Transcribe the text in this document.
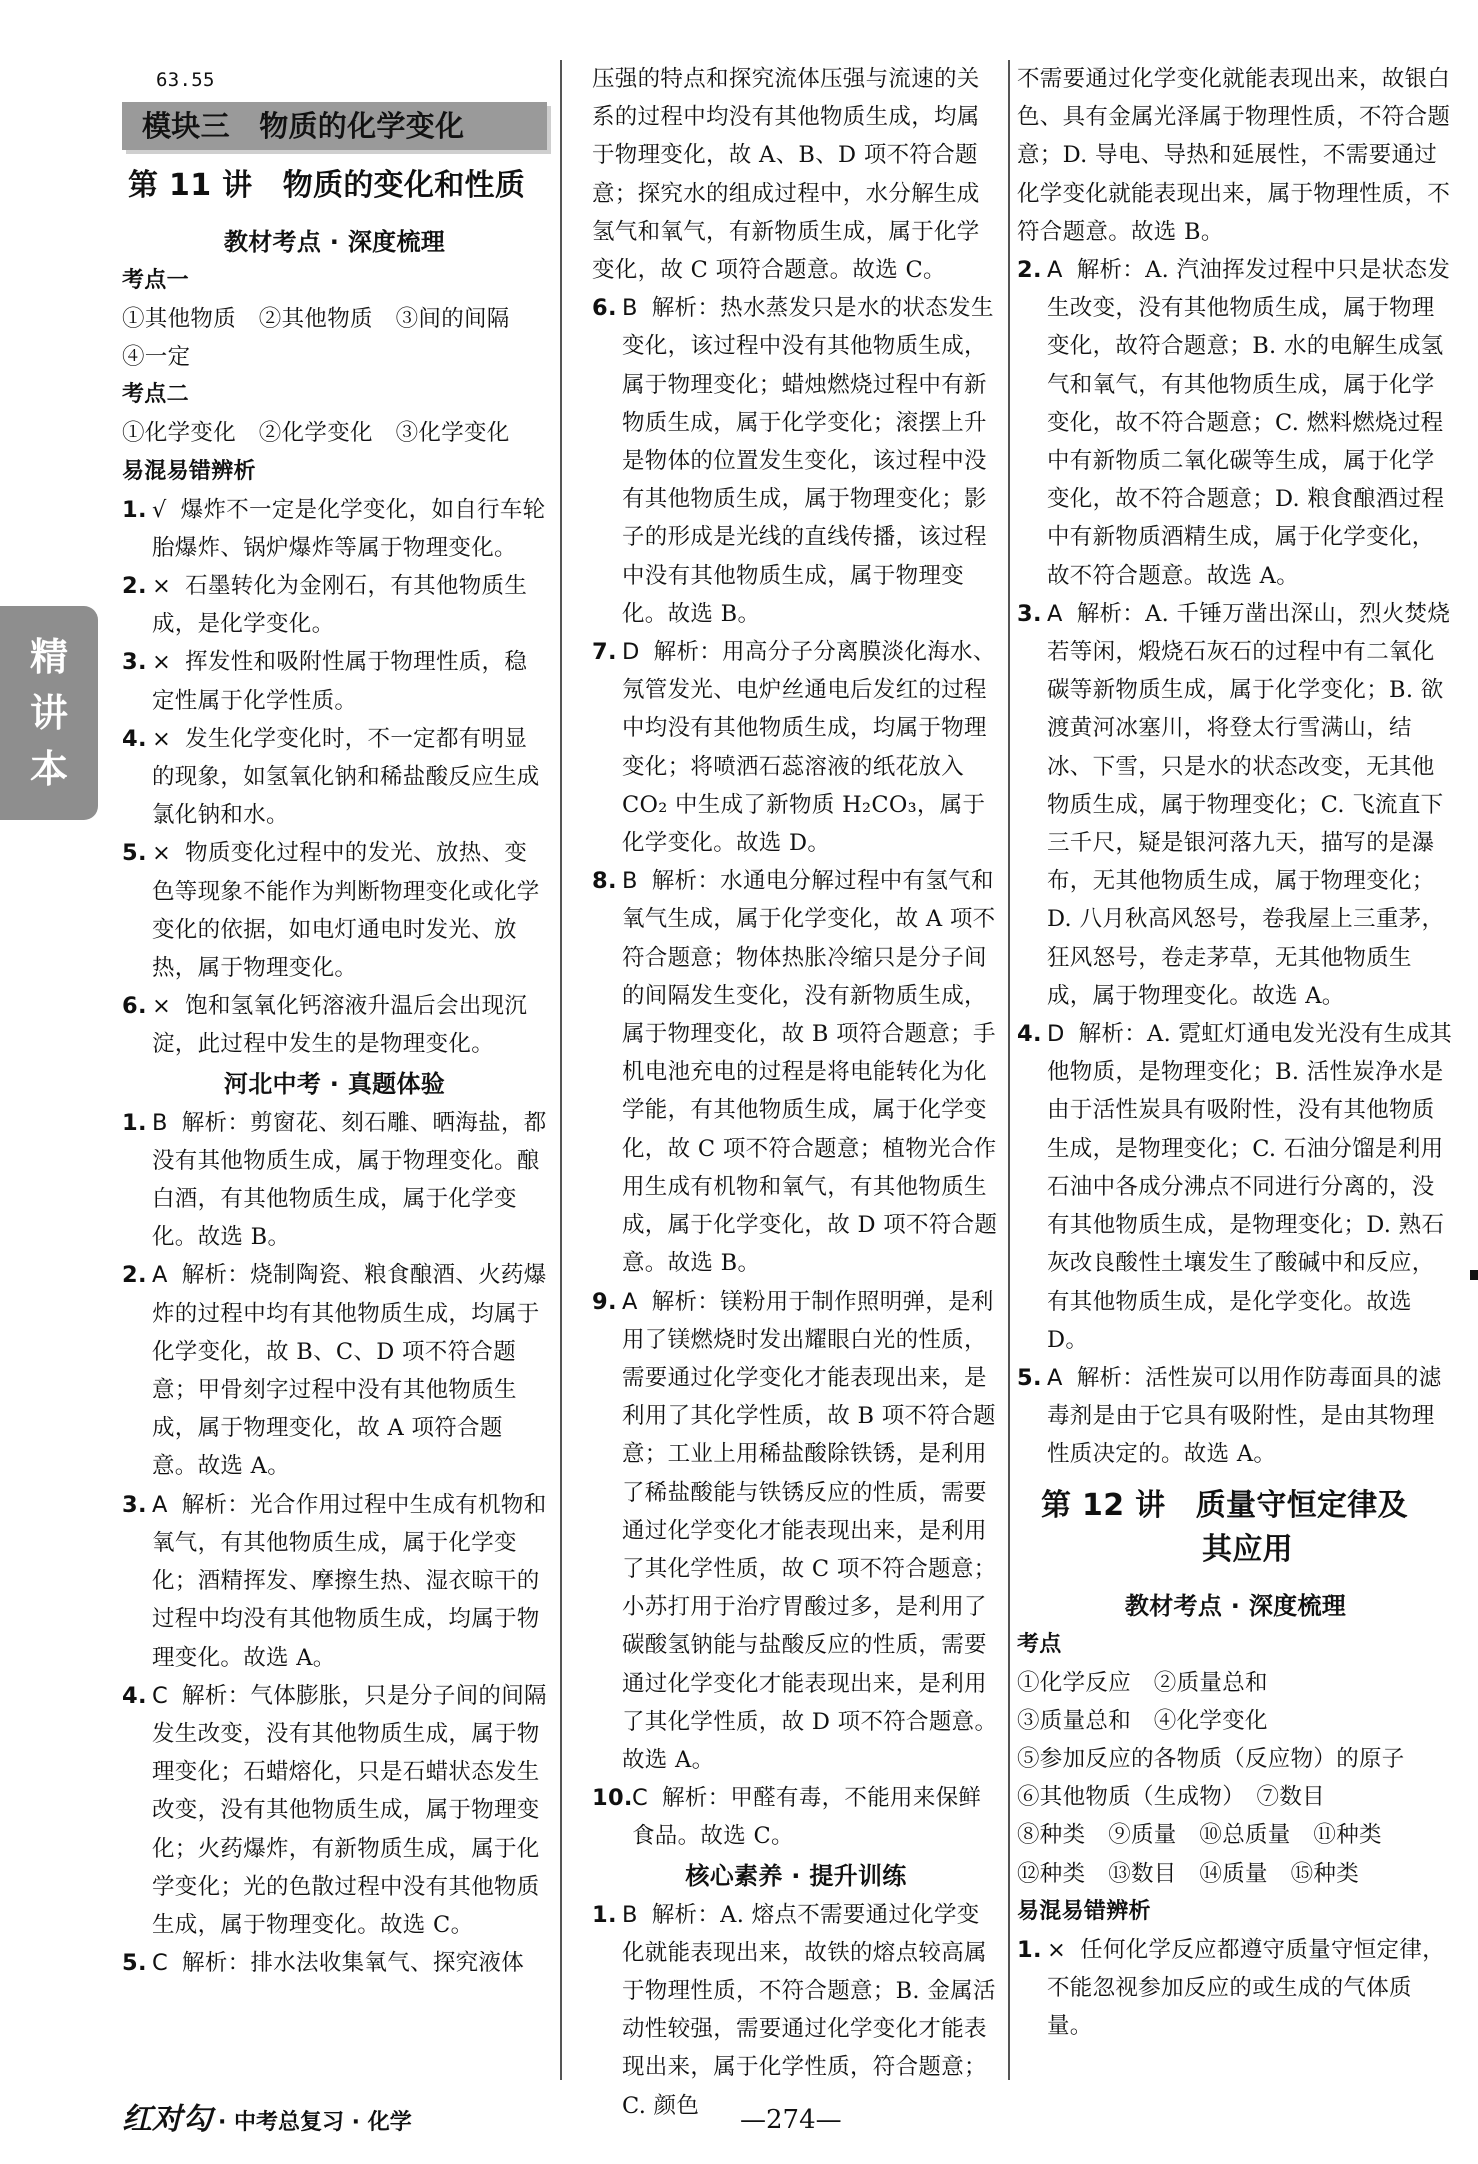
精
讲
本
63.55
模块三　物质的化学变化
第 11 讲　物质的变化和性质
教材考点 · 深度梳理
考点一

①其他物质　②其他物质　③间的间隔

④一定

考点二

①化学变化　②化学变化　③化学变化

易混易错辨析

1. √ 爆炸不一定是化学变化，如自行车轮胎爆炸、锅炉爆炸等属于物理变化。

2. × 石墨转化为金刚石，有其他物质生成，是化学变化。

3. × 挥发性和吸附性属于物理性质，稳定性属于化学性质。

4. × 发生化学变化时，不一定都有明显的现象，如氢氧化钠和稀盐酸反应生成氯化钠和水。

5. × 物质变化过程中的发光、放热、变色等现象不能作为判断物理变化或化学变化的依据，如电灯通电时发光、放热，属于物理变化。

6. × 饱和氢氧化钙溶液升温后会出现沉淀，此过程中发生的是物理变化。

河北中考 · 真题体验

1. B 解析：剪窗花、刻石雕、晒海盐，都没有其他物质生成，属于物理变化。酿白酒，有其他物质生成，属于化学变化。故选 B。

2. A 解析：烧制陶瓷、粮食酿酒、火药爆炸的过程中均有其他物质生成，均属于化学变化，故 B、C、D 项不符合题意；甲骨刻字过程中没有其他物质生成，属于物理变化，故 A 项符合题意。故选 A。

3. A 解析：光合作用过程中生成有机物和氧气，有其他物质生成，属于化学变化；酒精挥发、摩擦生热、湿衣晾干的过程中均没有其他物质生成，均属于物理变化。故选 A。

4. C 解析：气体膨胀，只是分子间的间隔发生改变，没有其他物质生成，属于物理变化；石蜡熔化，只是石蜡状态发生改变，没有其他物质生成，属于物理变化；火药爆炸，有新物质生成，属于化学变化；光的色散过程中没有其他物质生成，属于物理变化。故选 C。

5. C 解析：排水法收集氧气、探究液体

压强的特点和探究流体压强与流速的关系的过程中均没有其他物质生成，均属于物理变化，故 A、B、D 项不符合题意；探究水的组成过程中，水分解生成氢气和氧气，有新物质生成，属于化学变化，故 C 项符合题意。故选 C。

6. B 解析：热水蒸发只是水的状态发生变化，该过程中没有其他物质生成，属于物理变化；蜡烛燃烧过程中有新物质生成，属于化学变化；滚摆上升是物体的位置发生变化，该过程中没有其他物质生成，属于物理变化；影子的形成是光线的直线传播，该过程中没有其他物质生成，属于物理变化。故选 B。

7. D 解析：用高分子分离膜淡化海水、氖管发光、电炉丝通电后发红的过程中均没有其他物质生成，均属于物理变化；将喷洒石蕊溶液的纸花放入 CO₂ 中生成了新物质 H₂CO₃，属于化学变化。故选 D。

8. B 解析：水通电分解过程中有氢气和氧气生成，属于化学变化，故 A 项不符合题意；物体热胀冷缩只是分子间的间隔发生变化，没有新物质生成，属于物理变化，故 B 项符合题意；手机电池充电的过程是将电能转化为化学能，有其他物质生成，属于化学变化，故 C 项不符合题意；植物光合作用生成有机物和氧气，有其他物质生成，属于化学变化，故 D 项不符合题意。故选 B。

9. A 解析：镁粉用于制作照明弹，是利用了镁燃烧时发出耀眼白光的性质，需要通过化学变化才能表现出来，是利用了其化学性质，故 B 项不符合题意；工业上用稀盐酸除铁锈，是利用了稀盐酸能与铁锈反应的性质，需要通过化学变化才能表现出来，是利用了其化学性质，故 C 项不符合题意；小苏打用于治疗胃酸过多，是利用了碳酸氢钠能与盐酸反应的性质，需要通过化学变化才能表现出来，是利用了其化学性质，故 D 项不符合题意。故选 A。

10. C 解析：甲醛有毒，不能用来保鲜食品。故选 C。

核心素养 · 提升训练

1. B 解析：A. 熔点不需要通过化学变化就能表现出来，故铁的熔点较高属于物理性质，不符合题意；B. 金属活动性较强，需要通过化学变化才能表现出来，属于化学性质，符合题意；C. 颜色

不需要通过化学变化就能表现出来，故银白色、具有金属光泽属于物理性质，不符合题意；D. 导电、导热和延展性，不需要通过化学变化就能表现出来，属于物理性质，不符合题意。故选 B。

2. A 解析：A. 汽油挥发过程中只是状态发生改变，没有其他物质生成，属于物理变化，故符合题意；B. 水的电解生成氢气和氧气，有其他物质生成，属于化学变化，故不符合题意；C. 燃料燃烧过程中有新物质二氧化碳等生成，属于化学变化，故不符合题意；D. 粮食酿酒过程中有新物质酒精生成，属于化学变化，故不符合题意。故选 A。

3. A 解析：A. 千锤万凿出深山，烈火焚烧若等闲，煅烧石灰石的过程中有二氧化碳等新物质生成，属于化学变化；B. 欲渡黄河冰塞川，将登太行雪满山，结冰、下雪，只是水的状态改变，无其他物质生成，属于物理变化；C. 飞流直下三千尺，疑是银河落九天，描写的是瀑布，无其他物质生成，属于物理变化；D. 八月秋高风怒号，卷我屋上三重茅，狂风怒号，卷走茅草，无其他物质生成，属于物理变化。故选 A。

4. D 解析：A. 霓虹灯通电发光没有生成其他物质，是物理变化；B. 活性炭净水是由于活性炭具有吸附性，没有其他物质生成，是物理变化；C. 石油分馏是利用石油中各成分沸点不同进行分离的，没有其他物质生成，是物理变化；D. 熟石灰改良酸性土壤发生了酸碱中和反应，有其他物质生成，是化学变化。故选 D。

5. A 解析：活性炭可以用作防毒面具的滤毒剂是由于它具有吸附性，是由其物理性质决定的。故选 A。

第 12 讲　质量守恒定律及
其应用
教材考点 · 深度梳理
考点

①化学反应　②质量总和

③质量总和　④化学变化

⑤参加反应的各物质（反应物）的原子

⑥其他物质（生成物）　⑦数目

⑧种类　⑨质量　⑩总质量　⑪种类

⑫种类　⑬数目　⑭质量　⑮种类

易混易错辨析

1. × 任何化学反应都遵守质量守恒定律，不能忽视参加反应的或生成的气体质量。

红对勾 · 中考总复习 · 化学	—274—
